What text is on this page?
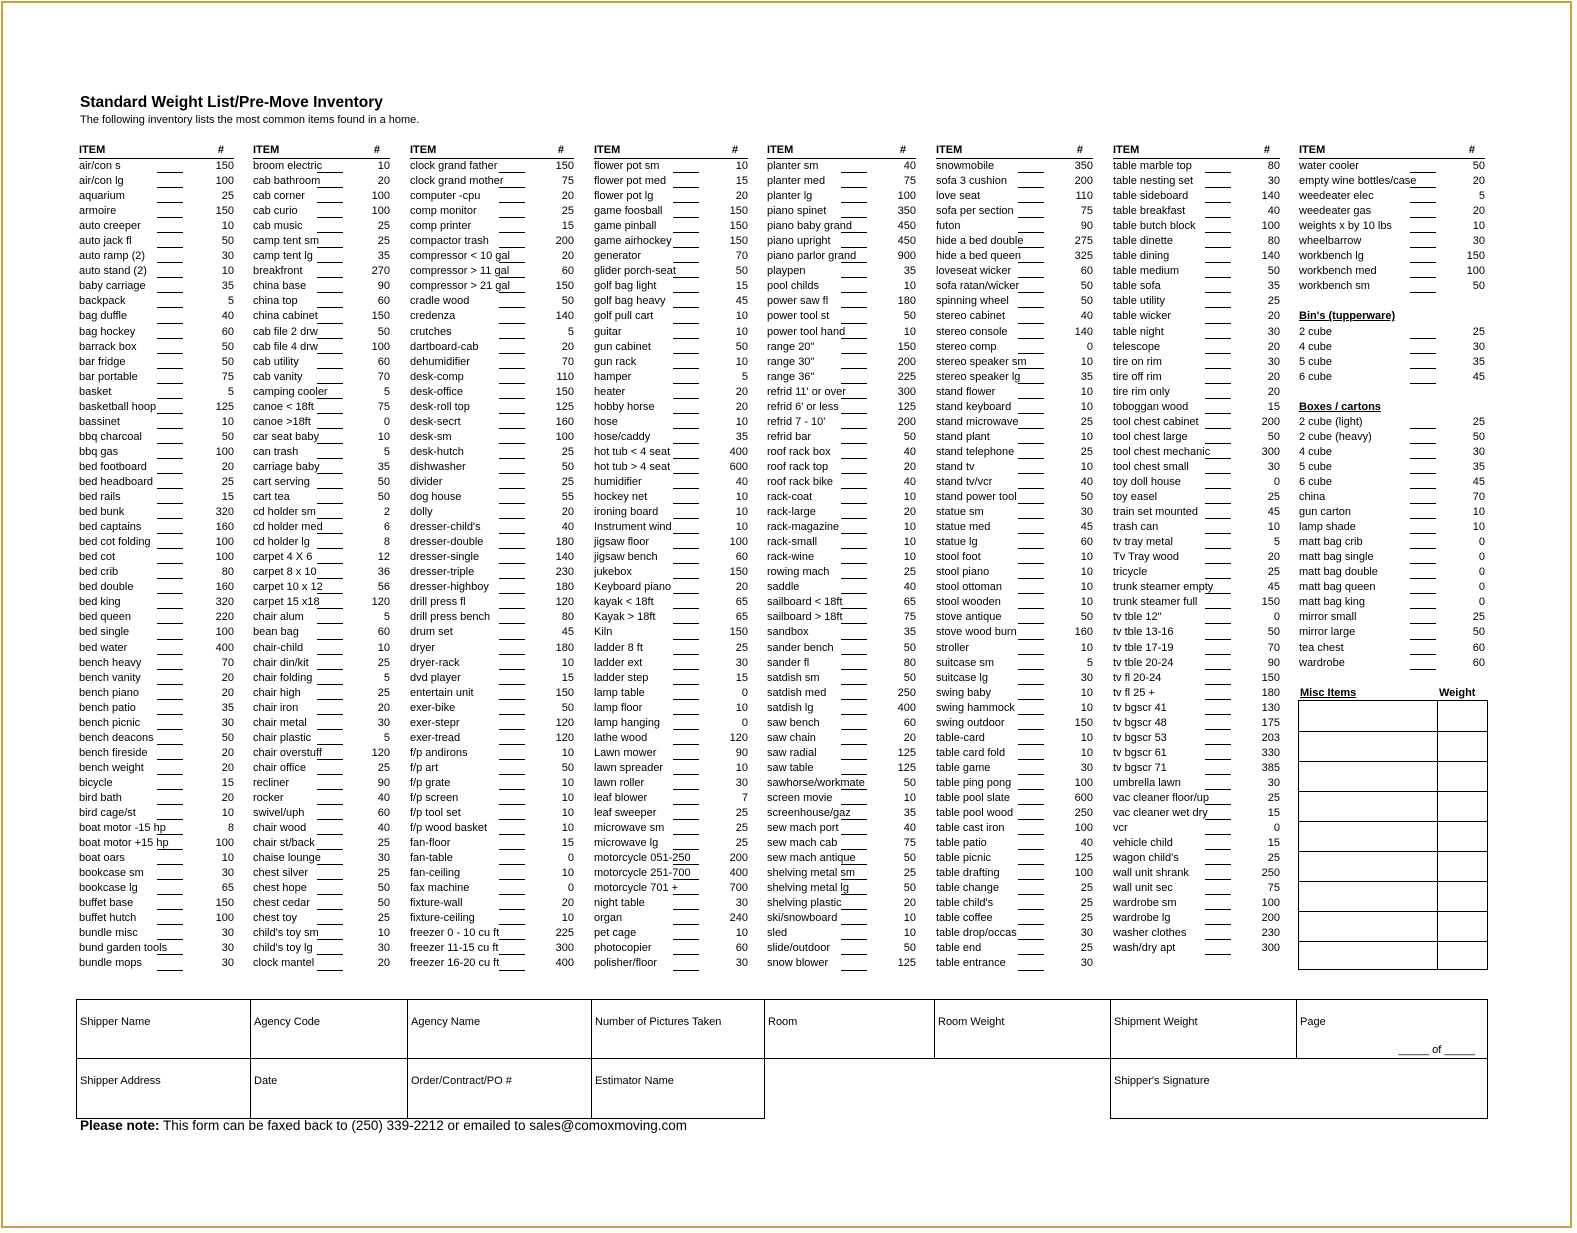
Standard Weight List/Pre-Move Inventory
The following inventory lists the most common items found in a home.
ITEM	#
air/con s	150
air/con lg	100
aquarium	25
armoire	150
auto creeper	10
auto jack fl	50
auto ramp (2)	30
auto stand (2)	10
baby carriage	35
backpack	5
bag duffle	40
bag hockey	60
barrack box	50
bar fridge	50
bar portable	75
basket	5
basketball hoop	125
bassinet	10
bbq charcoal	50
bbq gas	100
bed footboard	20
bed headboard	25
bed rails	15
bed bunk	320
bed captains	160
bed cot folding	100
bed cot	100
bed crib	80
bed double	160
bed king	320
bed queen	220
bed single	100
bed water	400
bench heavy	70
bench vanity	20
bench piano	20
bench patio	35
bench picnic	30
bench deacons	50
bench fireside	20
bench weight	20
bicycle	15
bird bath	20
bird cage/st	10
boat motor -15 hp	8
boat motor +15 hp	100
boat oars	10
bookcase sm	30
bookcase lg	65
buffet base	150
buffet hutch	100
bundle misc	30
bund garden tools	30
bundle mops	30
ITEM	#
broom electric	10
cab bathroom	20
cab corner	100
cab curio	100
cab music	25
camp tent sm	25
camp tent lg	35
breakfront	270
china base	90
china top	60
china cabinet	150
cab file 2 drw	50
cab file 4 drw	100
cab utility	60
cab vanity	70
camping cooler	5
canoe < 18ft	75
canoe >18ft	0
car seat baby	10
can trash	5
carriage baby	35
cart serving	50
cart tea	50
cd holder sm	2
cd holder med	6
cd holder lg	8
carpet 4 X 6	12
carpet 8 x 10	36
carpet 10 x 12	56
carpet 15 x18	120
chair alum	5
bean bag	60
chair-child	10
chair din/kit	25
chair folding	5
chair high	25
chair iron	20
chair metal	30
chair plastic	5
chair overstuff	120
chair office	25
recliner	90
rocker	40
swivel/uph	60
chair wood	40
chair st/back	25
chaise lounge	30
chest silver	25
chest hope	50
chest cedar	50
chest toy	25
child's toy sm	10
child's toy lg	30
clock mantel	20
ITEM	#
clock grand father	150
clock grand mother	75
computer -cpu	20
comp monitor	25
comp printer	15
compactor trash	200
compressor < 10 gal	20
compressor > 11 gal	60
compressor > 21 gal	150
cradle wood	50
credenza	140
crutches	5
dartboard-cab	20
dehumidifier	70
desk-comp	110
desk-office	150
desk-roll top	125
desk-secrt	160
desk-sm	100
desk-hutch	25
dishwasher	50
divider	25
dog house	55
dolly	20
dresser-child's	40
dresser-double	180
dresser-single	140
dresser-triple	230
dresser-highboy	180
drill press fl	120
drill press bench	80
drum set	45
dryer	180
dryer-rack	10
dvd player	15
entertain unit	150
exer-bike	50
exer-stepr	120
exer-tread	120
f/p andirons	10
f/p art	50
f/p grate	10
f/p screen	10
f/p tool set	10
f/p wood basket	10
fan-floor	15
fan-table	0
fan-ceiling	10
fax machine	0
fixture-wall	20
fixture-ceiling	10
freezer 0 - 10 cu ft	225
freezer 11-15 cu ft	300
freezer 16-20 cu ft	400
ITEM	#
flower pot sm	10
flower pot med	15
flower pot lg	20
game foosball	150
game pinball	150
game airhockey	150
generator	70
glider porch-seat	50
golf bag light	15
golf bag heavy	45
golf pull cart	10
guitar	10
gun cabinet	50
gun rack	10
hamper	5
heater	20
hobby horse	20
hose	10
hose/caddy	35
hot tub < 4 seat	400
hot tub > 4 seat	600
humidifier	40
hockey net	10
ironing board	10
Instrument wind	10
jigsaw floor	100
jigsaw bench	60
jukebox	150
Keyboard piano	20
kayak < 18ft	65
Kayak > 18ft	65
Kiln	150
ladder 8 ft	25
ladder ext	30
ladder step	15
lamp table	0
lamp floor	10
lamp hanging	0
lathe wood	120
Lawn mower	90
lawn spreader	10
lawn roller	30
leaf blower	7
leaf sweeper	25
microwave sm	25
microwave lg	25
motorcycle 051-250	200
motorcycle 251-700	400
motorcycle 701 +	700
night table	30
organ	240
pet cage	10
photocopier	60
polisher/floor	30
ITEM	#
planter sm	40
planter med	75
planter lg	100
piano spinet	350
piano baby grand	450
piano upright	450
piano parlor grand	900
playpen	35
pool childs	10
power saw fl	180
power tool st	50
power tool hand	10
range 20"	150
range 30"	200
range 36"	225
refrid 11' or over	300
refrid 6' or less	125
refrid 7 - 10'	200
refrid bar	50
roof rack box	40
roof rack top	20
roof rack bike	40
rack-coat	10
rack-large	20
rack-magazine	10
rack-small	10
rack-wine	10
rowing mach	25
saddle	40
sailboard < 18ft	65
sailboard > 18ft	75
sandbox	35
sander bench	50
sander fl	80
satdish sm	50
satdish med	250
satdish lg	400
saw bench	60
saw chain	20
saw radial	125
saw table	125
sawhorse/workmate	50
screen movie	10
screenhouse/gaz	35
sew mach port	40
sew mach cab	75
sew mach antique	50
shelving metal sm	25
shelving metal lg	50
shelving plastic	20
ski/snowboard	10
sled	10
slide/outdoor	50
snow blower	125
ITEM	#
snowmobile	350
sofa 3 cushion	200
love seat	110
sofa per section	75
futon	90
hide a bed double	275
hide a bed queen	325
loveseat wicker	60
sofa ratan/wicker	50
spinning wheel	50
stereo cabinet	40
stereo console	140
stereo comp	0
stereo speaker sm	10
stereo speaker lg	35
stand flower	10
stand keyboard	10
stand microwave	25
stand plant	10
stand telephone	25
stand tv	10
stand tv/vcr	40
stand power tool	50
statue sm	30
statue med	45
statue lg	60
stool foot	10
stool piano	10
stool ottoman	10
stool wooden	10
stove antique	50
stove wood burn	160
stroller	10
suitcase sm	5
suitcase lg	30
swing baby	10
swing hammock	10
swing outdoor	150
table-card	10
table card fold	10
table game	30
table ping pong	100
table pool slate	600
table pool wood	250
table cast iron	100
table patio	40
table picnic	125
table drafting	100
table change	25
table child's	25
table coffee	25
table drop/occas	30
table end	25
table entrance	30
ITEM	#
table marble top	80
table nesting set	30
table sideboard	140
table breakfast	40
table butch block	100
table dinette	80
table dining	140
table medium	50
table sofa	35
table utility	25
table wicker	20
table night	30
telescope	20
tire on rim	30
tire off rim	20
tire rim only	20
toboggan wood	15
tool chest cabinet	200
tool chest large	50
tool chest mechanic	300
tool chest small	30
toy doll house	0
toy easel	25
train set mounted	45
trash can	10
tv tray metal	5
Tv Tray wood	20
tricycle	25
trunk steamer empty	45
trunk steamer full	150
tv tble 12"	0
tv tble 13-16	50
tv tble 17-19	70
tv tble 20-24	90
tv fl 20-24	150
tv fl 25 +	180
tv bgscr 41	130
tv bgscr 48	175
tv bgscr 53	203
tv bgscr 61	330
tv bgscr 71	385
umbrella lawn	30
vac cleaner floor/up	25
vac cleaner wet dry	15
vcr	0
vehicle child	15
wagon child's	25
wall unit shrank	250
wall unit sec	75
wardrobe sm	100
wardrobe lg	200
washer clothes	230
wash/dry apt	300
ITEM	#
water cooler	50
empty wine bottles/case	20
weedeater elec	5
weedeater gas	20
weights x by 10 lbs	10
wheelbarrow	30
workbench lg	150
workbench med	100
workbench sm	50
Bin's (tupperware)
2 cube	25
4 cube	30
5 cube	35
6 cube	45
Boxes / cartons
2 cube (light)	25
2 cube (heavy)	50
4 cube	30
5 cube	35
6 cube	45
china	70
gun carton	10
lamp shade	10
matt bag crib	0
matt bag single	0
matt bag double	0
matt bag queen	0
matt bag king	0
mirror small	25
mirror large	50
tea chest	60
wardrobe	60
Misc Items	Weight
Shipper Name	Agency Code	Agency Name	Number of Pictures Taken	Room	Room Weight	Shipment Weight	Page
_____ of _____
Shipper Address	Date	Order/Contract/PO #	Estimator Name	Shipper's Signature
Please note: This form can be faxed back to (250) 339-2212 or emailed to sales@comoxmoving.com
